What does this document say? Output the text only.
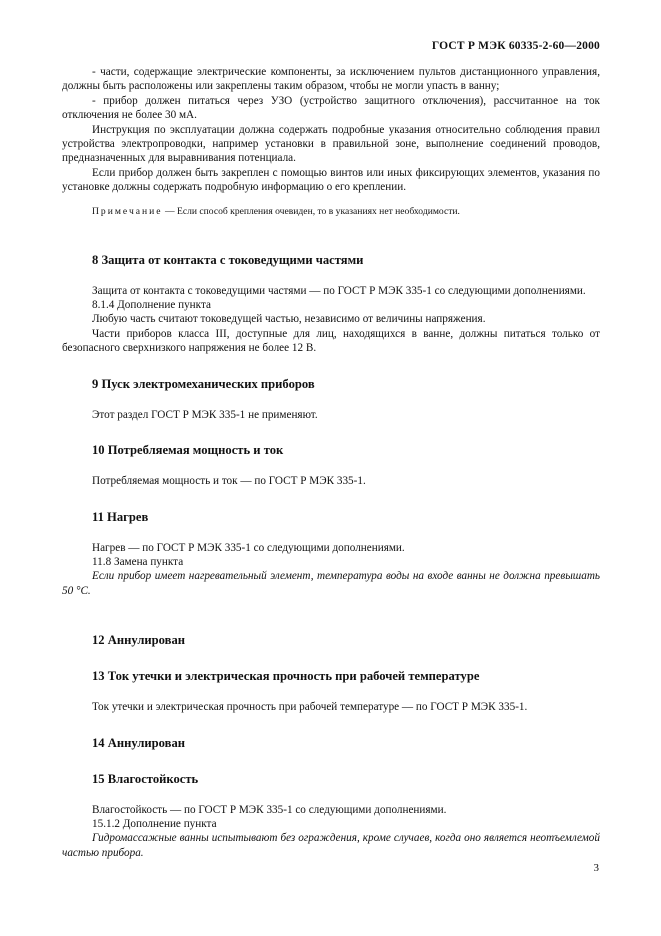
ГОСТ Р МЭК 60335-2-60—2000

- части, содержащие электрические компоненты, за исключением пультов дистанционного управления, должны быть расположены или закреплены таким образом, чтобы не могли упасть в ванну;

- прибор должен питаться через УЗО (устройство защитного отключения), рассчитанное на ток отключения не более 30 мА.

Инструкция по эксплуатации должна содержать подробные указания относительно соблюдения правил устройства электропроводки, например установки в правильной зоне, выполнение соединений проводов, предназначенных для выравнивания потенциала.

Если прибор должен быть закреплен с помощью винтов или иных фиксирующих элементов, указания по установке должны содержать подробную информацию о его креплении.

Примечание — Если способ крепления очевиден, то в указаниях нет необходимости.

8 Защита от контакта с токоведущими частями

Защита от контакта с токоведущими частями — по ГОСТ Р МЭК 335-1 со следующими дополнениями.

8.1.4 Дополнение пункта

Любую часть считают токоведущей частью, независимо от величины напряжения.

Части приборов класса III, доступные для лиц, находящихся в ванне, должны питаться только от безопасного сверхнизкого напряжения не более 12 В.

9 Пуск электромеханических приборов

Этот раздел ГОСТ Р МЭК 335-1 не применяют.

10 Потребляемая мощность и ток

Потребляемая мощность и ток — по ГОСТ Р МЭК 335-1.

11 Нагрев

Нагрев — по ГОСТ Р МЭК 335-1 со следующими дополнениями.

11.8 Замена пункта

Если прибор имеет нагревательный элемент, температура воды на входе ванны не должна превышать 50 °С.

12 Аннулирован
13 Ток утечки и электрическая прочность при рабочей температуре

Ток утечки и электрическая прочность при рабочей температуре — по ГОСТ Р МЭК 335-1.

14 Аннулирован
15 Влагостойкость

Влагостойкость — по ГОСТ Р МЭК 335-1 со следующими дополнениями.

15.1.2 Дополнение пункта

Гидромассажные ванны испытывают без ограждения, кроме случаев, когда оно является неотъемлемой частью прибора.

3
